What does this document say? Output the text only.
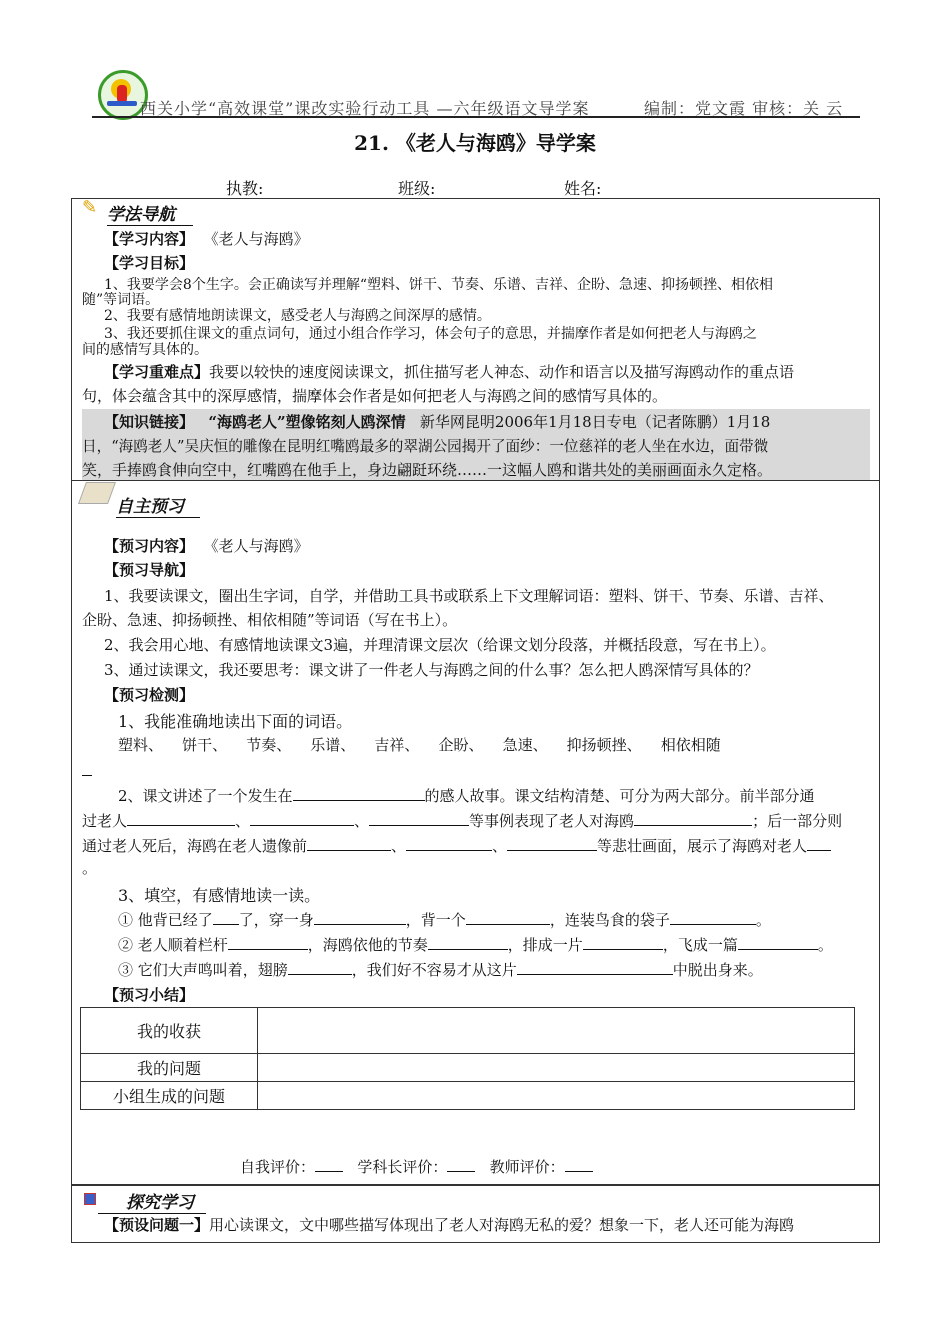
西关小学“高效课堂”课改实验行动工具 —六年级语文导学案	编制：党文霞 审核：关 云
21. 《老人与海鸥》导学案
执教:	班级:	姓名:
✎ 学法导航
【学习内容】 《老人与海鸥》
【学习目标】
1、我要学会8个生字。会正确读写并理解“塑料、饼干、节奏、乐谱、吉祥、企盼、急速、抑扬顿挫、相依相
随”等词语。
2、我要有感情地朗读课文，感受老人与海鸥之间深厚的感情。
3、我还要抓住课文的重点词句，通过小组合作学习，体会句子的意思，并揣摩作者是如何把老人与海鸥之
间的感情写具体的。
【学习重难点】我要以较快的速度阅读课文，抓住描写老人神态、动作和语言以及描写海鸥动作的重点语
句，体会蕴含其中的深厚感情，揣摩体会作者是如何把老人与海鸥之间的感情写具体的。
【知识链接】 “海鸥老人”塑像铭刻人鸥深情 新华网昆明2006年1月18日专电（记者陈鹏）1月18
日，“海鸥老人”吴庆恒的雕像在昆明红嘴鸥最多的翠湖公园揭开了面纱：一位慈祥的老人坐在水边，面带微
笑，手捧鸥食伸向空中，红嘴鸥在他手上，身边翩跹环绕……一这幅人鸥和谐共处的美丽画面永久定格。
自主预习
【预习内容】 《老人与海鸥》
【预习导航】
1、我要读课文，圈出生字词，自学，并借助工具书或联系上下文理解词语：塑料、饼干、节奏、乐谱、吉祥、
企盼、急速、抑扬顿挫、相依相随”等词语（写在书上）。
2、我会用心地、有感情地读课文3遍，并理清课文层次（给课文划分段落，并概括段意，写在书上）。
3、通过读课文，我还要思考：课文讲了一件老人与海鸥之间的什么事？怎么把人鸥深情写具体的？
【预习检测】
1、我能准确地读出下面的词语。
塑料、 饼干、 节奏、 乐谱、 吉祥、 企盼、 急速、 抑扬顿挫、 相依相随
2、课文讲述了一个发生在	的感人故事。课文结构清楚、可分为两大部分。前半部分通
过老人	、	、	等事例表现了老人对海鸥	；后一部分则
通过老人死后，海鸥在老人遗像前	、	、	等悲壮画面，展示了海鸥对老人
。
3、填空，有感情地读一读。
① 他背已经了 了，穿一身	，背一个	，连装鸟食的袋子	。
② 老人顺着栏杆	，海鸥依他的节奏	，排成一片	，飞成一篇	。
③ 它们大声鸣叫着，翅膀	，我们好不容易才从这片	中脱出身来。
【预习小结】
我的收获	
我的问题	
小组生成的问题	
自我评价：	学科长评价：	教师评价：
探究学习
【预设问题一】用心读课文，文中哪些描写体现出了老人对海鸥无私的爱？想象一下，老人还可能为海鸥
